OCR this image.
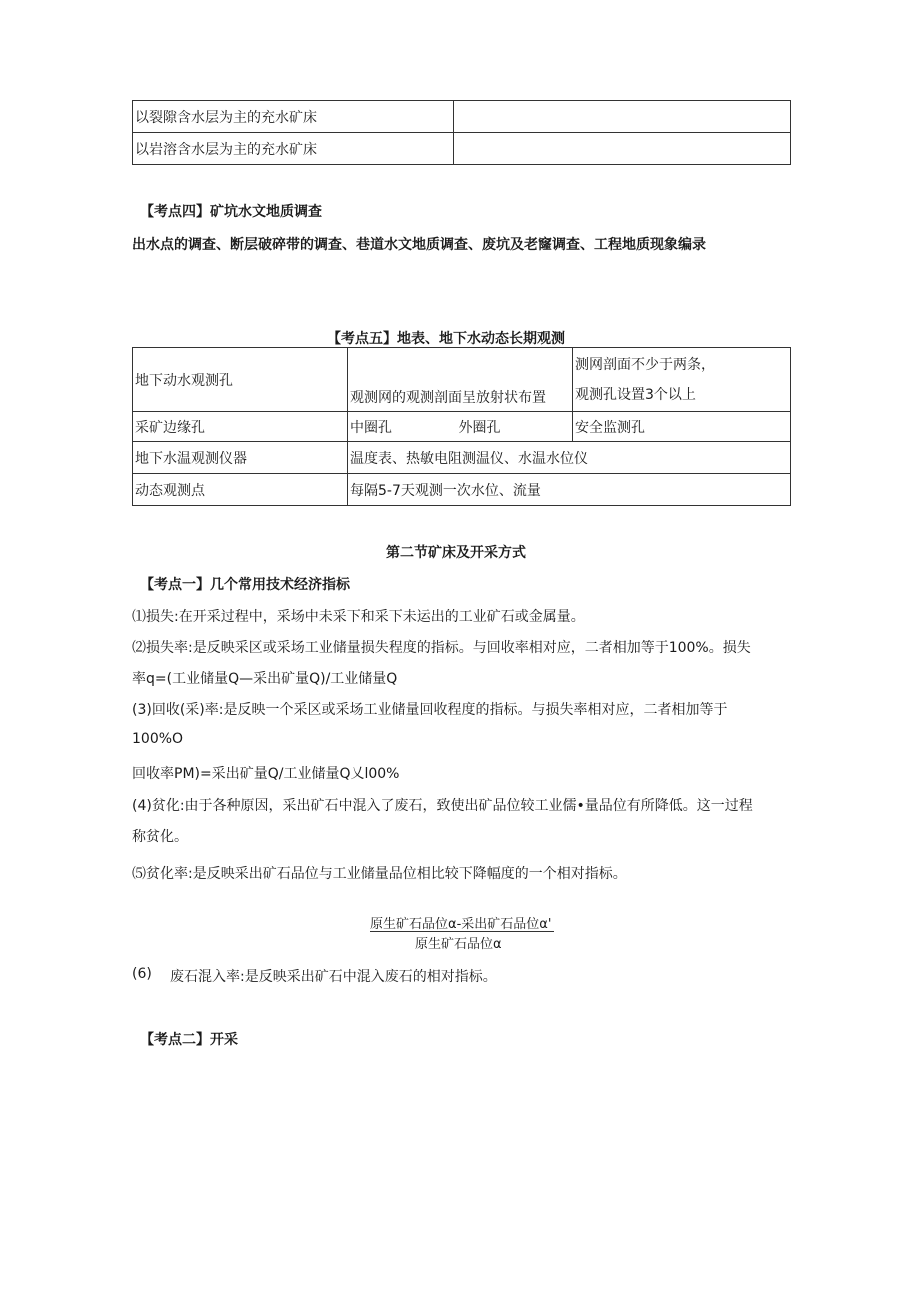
以裂隙含水层为主的充水矿床	
以岩溶含水层为主的充水矿床	
【考点四】矿坑水文地质调查
出水点的调查、断层破碎带的调查、巷道水文地质调查、废坑及老窿调查、工程地质现象编录
【考点五】地表、地下水动态长期观测
地下动水观测孔	观测网的观测剖面呈放射状布置	测网剖面不少于两条，
观测孔设置3个以上

采矿边缘孔	中圈孔 外圈孔	安全监测孔
地下水温观测仪器	温度表、热敏电阻测温仪、水温水位仪	
动态观测点	每隔5-7天观测一次水位、流量	
第二节矿床及开采方式
【考点一】几个常用技术经济指标
⑴损失:在开采过程中，采场中未采下和采下未运出的工业矿石或金属量。
⑵损失率:是反映采区或采场工业储量损失程度的指标。与回收率相对应，二者相加等于100%。损失
率q=(工业储量Q—采出矿量Q)/工业储量Q
(3)回收(采)率:是反映一个采区或采场工业储量回收程度的指标。与损失率相对应，二者相加等于
100%O
回收率PM)=采出矿量Q/工业储量Q乂l00%
(4)贫化:由于各种原因，采出矿石中混入了废石，致使出矿品位较工业儒•量品位有所降低。这一过程
称贫化。
⑸贫化率:是反映采出矿石品位与工业储量品位相比较下降幅度的一个相对指标。
原生矿石品位α-采出矿石品位α'
原生矿石品位α
(6) 废石混入率:是反映采出矿石中混入废石的相对指标。
【考点二】开采
